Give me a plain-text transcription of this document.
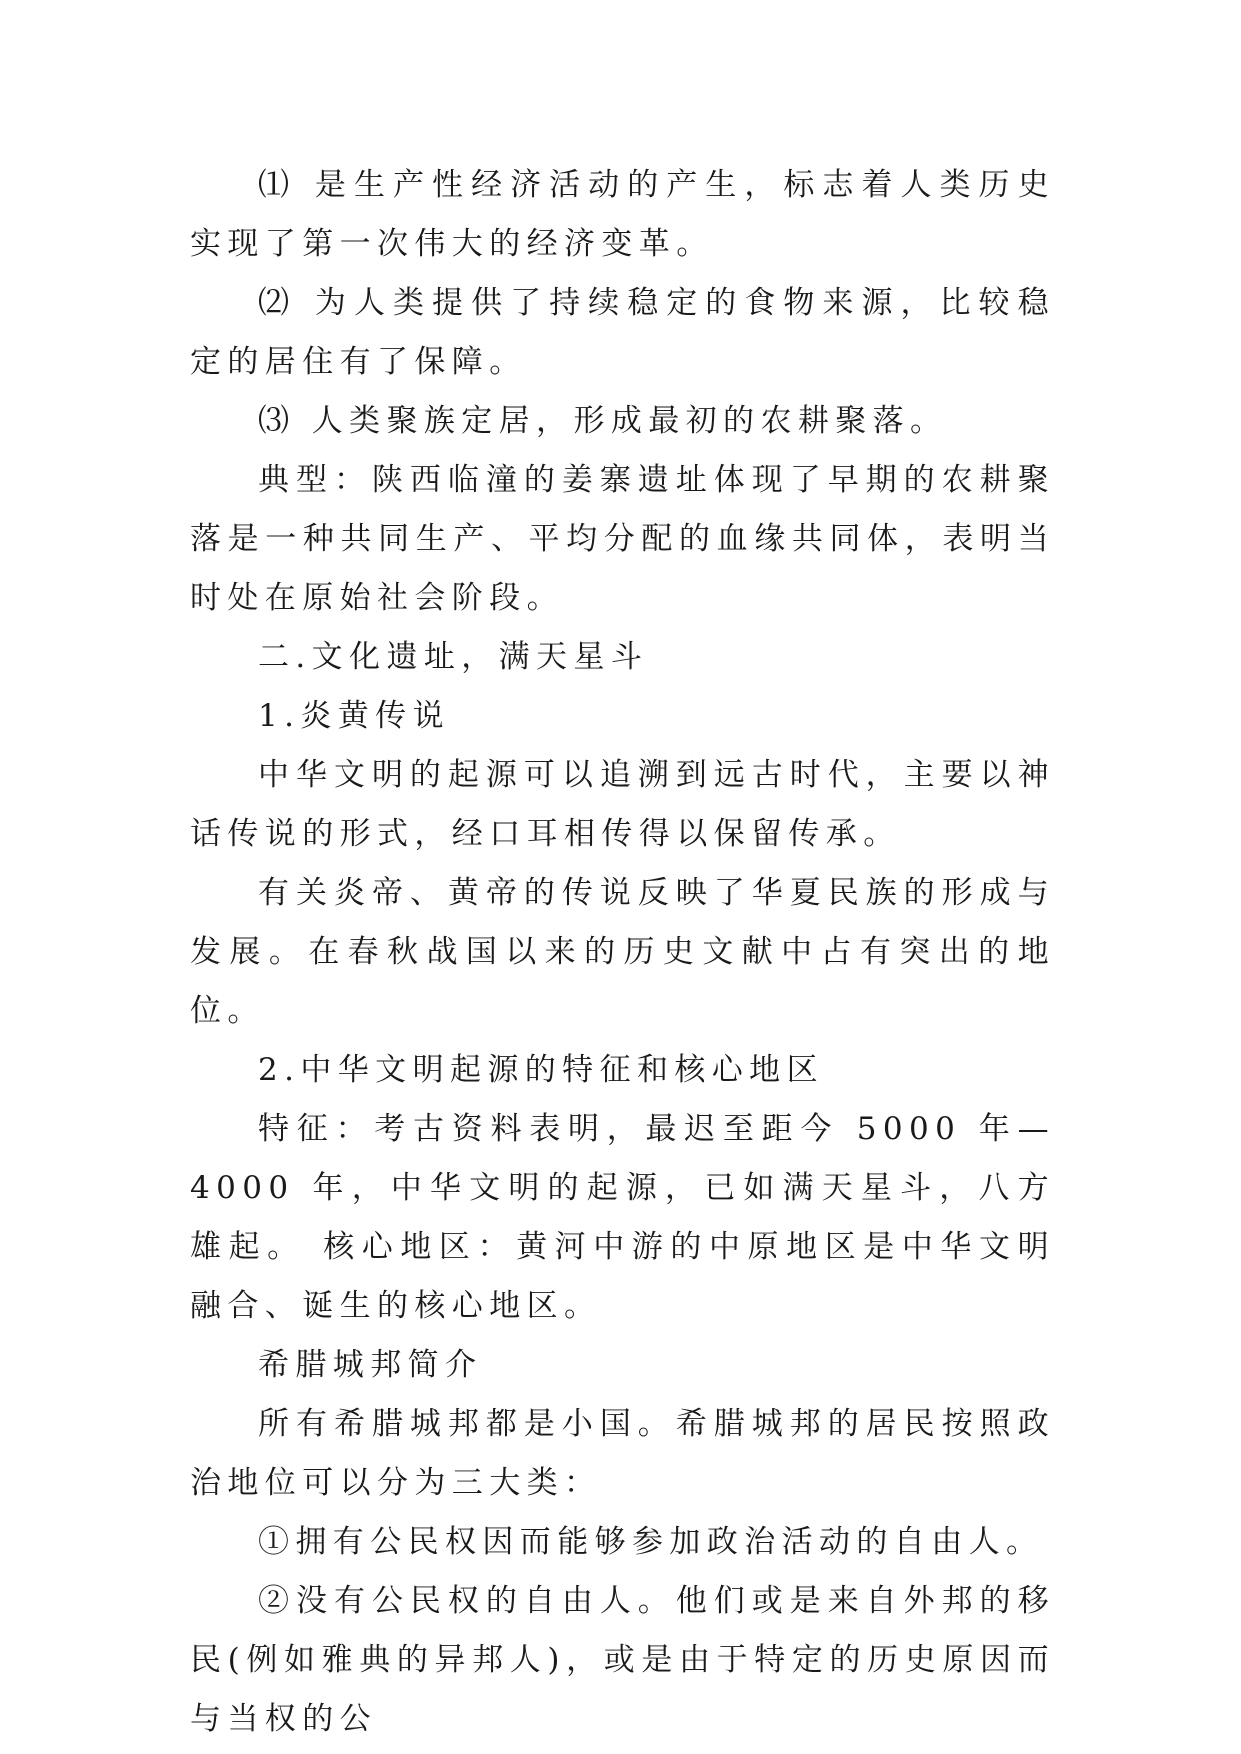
⑴ 是生产性经济活动的产生，标志着人类历史实现了第一次伟大的经济变革。

⑵ 为人类提供了持续稳定的食物来源，比较稳定的居住有了保障。

⑶ 人类聚族定居，形成最初的农耕聚落。

典型：陕西临潼的姜寨遗址体现了早期的农耕聚落是一种共同生产、平均分配的血缘共同体，表明当时处在原始社会阶段。

二.文化遗址，满天星斗

1.炎黄传说

中华文明的起源可以追溯到远古时代，主要以神话传说的形式，经口耳相传得以保留传承。

有关炎帝、黄帝的传说反映了华夏民族的形成与发展。在春秋战国以来的历史文献中占有突出的地位。

2.中华文明起源的特征和核心地区

特征：考古资料表明，最迟至距今 5000 年—4000 年，中华文明的起源，已如满天星斗，八方雄起。 核心地区：黄河中游的中原地区是中华文明融合、诞生的核心地区。

希腊城邦简介

所有希腊城邦都是小国。希腊城邦的居民按照政治地位可以分为三大类：

①拥有公民权因而能够参加政治活动的自由人。

②没有公民权的自由人。他们或是来自外邦的移民(例如雅典的异邦人)，或是由于特定的历史原因而与当权的公
